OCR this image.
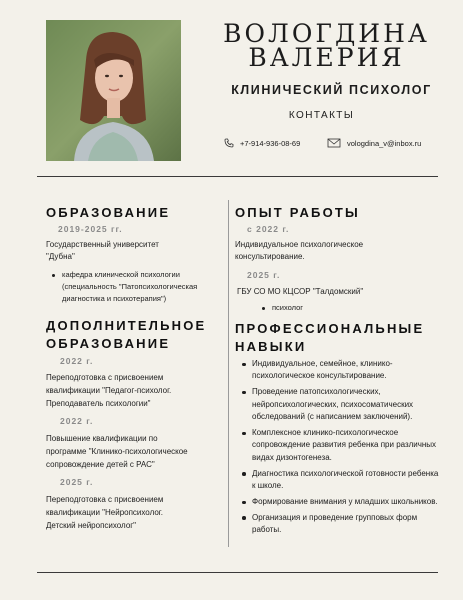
ВОЛОГДИНА
ВАЛЕРИЯ
КЛИНИЧЕСКИЙ ПСИХОЛОГ
КОНТАКТЫ
+7-914-936-08-69	vologdina_v@inbox.ru
ОБРАЗОВАНИЕ
2019-2025 гг.
Государственный университет
"Дубна"
кафедра клинической психологии
(специальность "Патопсихологическая
диагностика и психотерапия")
ДОПОЛНИТЕЛЬНОЕ
ОБРАЗОВАНИЕ
2022 г.
Переподготовка с присвоением
квалификации "Педагог-психолог.
Преподаватель психологии"
2022 г.
Повышение квалификации по
программе "Клинико-психологическое
сопровождение детей с РАС"
2025 г.
Переподготовка с присвоением
квалификации "Нейропсихолог.
Детский нейропсихолог"
ОПЫТ РАБОТЫ
с 2022 г.
Индивидуальное психологическое
консультирование.
2025 г.
ГБУ СО МО КЦСОР "Талдомский"
психолог
ПРОФЕССИОНАЛЬНЫЕ
НАВЫКИ
Индивидуальное, семейное, клинико-психологическое консультирование.
Проведение патопсихологических, нейропсихологических, психосоматических обследований (с написанием заключений).
Комплексное клинико-психологическое сопровождение развития ребенка при различных видах дизонтогенеза.
Диагностика психологической готовности ребенка к школе.
Формирование внимания у младших школьников.
Организация и проведение групповых форм работы.
